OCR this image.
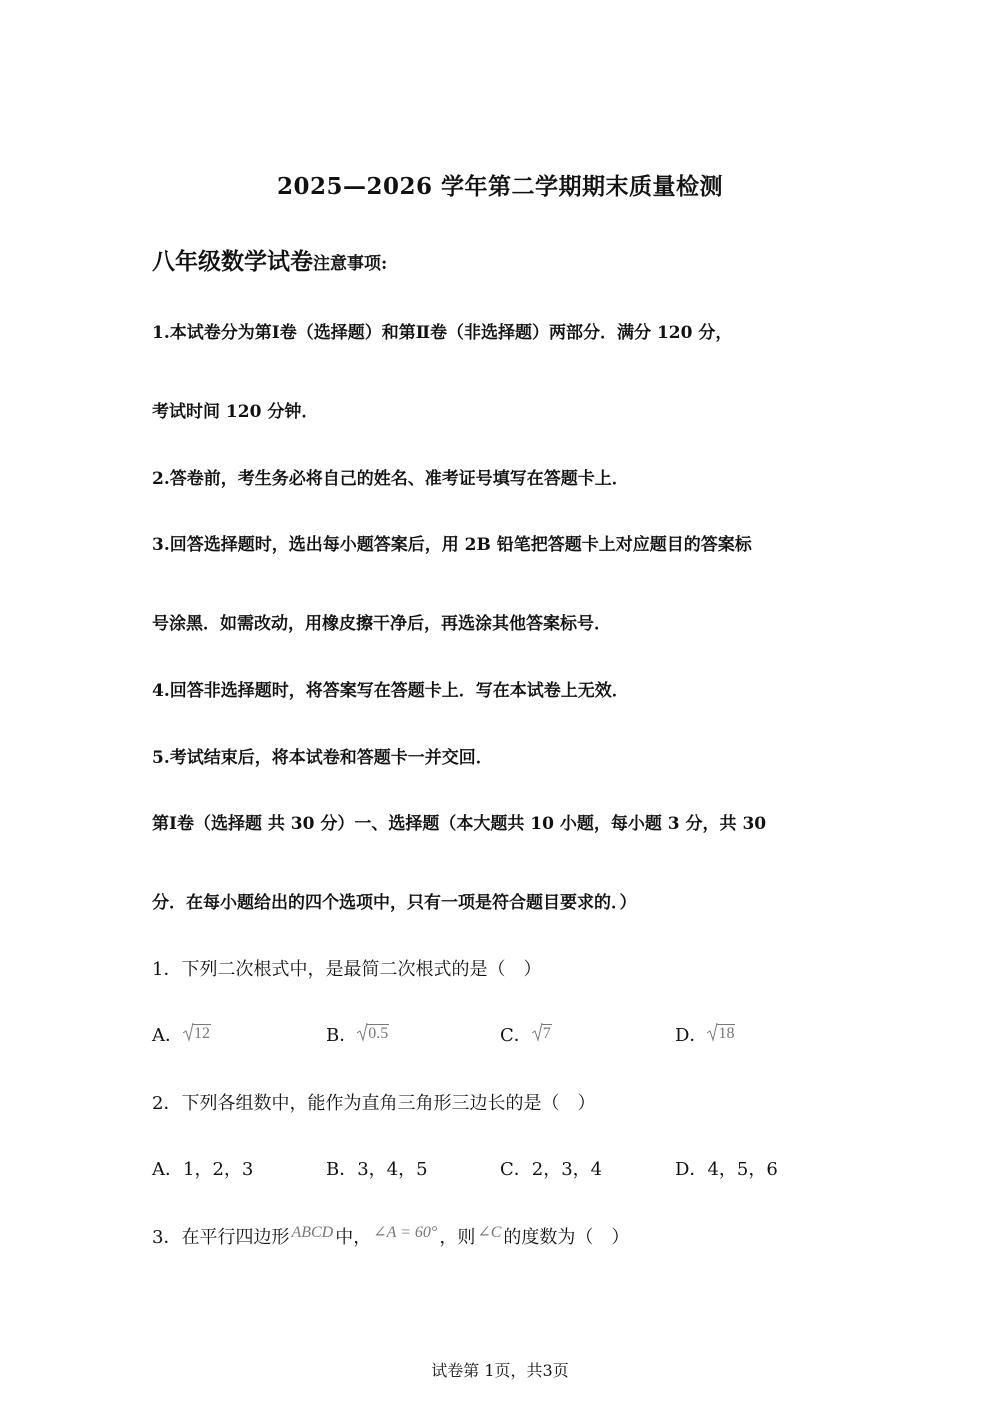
2025—2026 学年第二学期期末质量检测
八年级数学试卷注意事项:
1.本试卷分为第Ⅰ卷（选择题）和第Ⅱ卷（非选择题）两部分．满分 120 分，
考试时间 120 分钟．
2.答卷前，考生务必将自己的姓名、准考证号填写在答题卡上．
3.回答选择题时，选出每小题答案后，用 2B 铅笔把答题卡上对应题目的答案标
号涂黑．如需改动，用橡皮擦干净后，再选涂其他答案标号．
4.回答非选择题时，将答案写在答题卡上．写在本试卷上无效．
5.考试结束后，将本试卷和答题卡一并交回．
第Ⅰ卷（选择题 共 30 分）一、选择题（本大题共 10 小题，每小题 3 分，共 30
分．在每小题给出的四个选项中，只有一项是符合题目要求的．）
1．下列二次根式中，是最简二次根式的是（　）
A． 12	B． 0.5	C． 7	D． 18
2．下列各组数中，能作为直角三角形三边长的是（　）
A．1，2，3	B．3，4，5	C．2，3，4	D．4，5，6
3．在平行四边形 ABCD 中， ∠A = 60° ，则 ∠C 的度数为（　）
试卷第 1页，共3页
